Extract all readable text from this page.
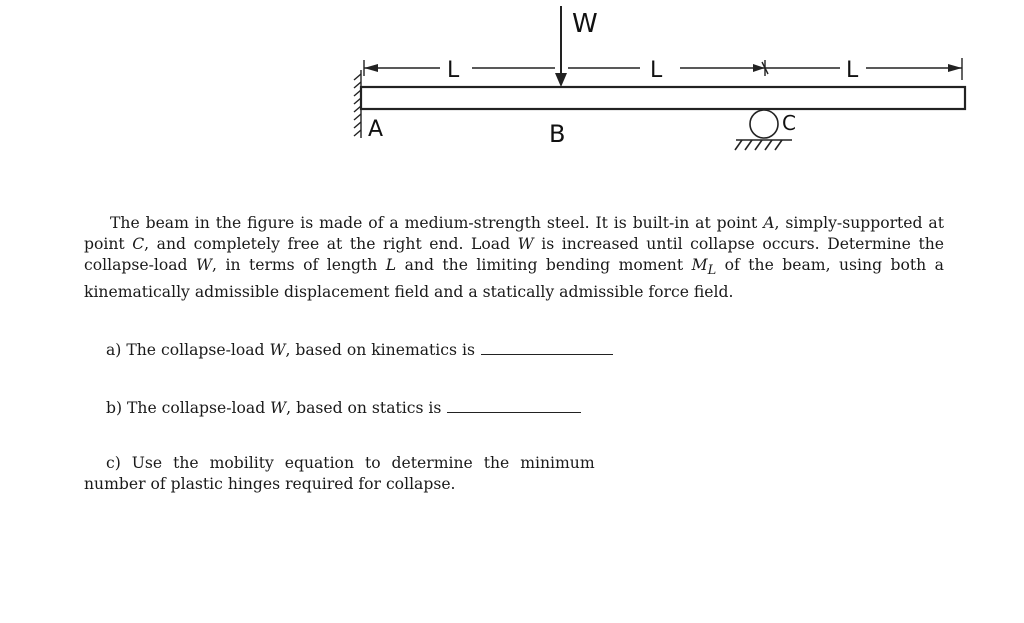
W
L	L	L
A	B	C
The beam in the figure is made of a medium-strength steel. It is built-in at point A, simply-supported at point C, and completely free at the right end. Load W is increased until collapse occurs. Determine the collapse-load W, in terms of length L and the limiting bending moment $M_L$ of the beam, using both a kinematically admissible displacement field and a statically admissible force field.
a) The collapse-load W, based on kinematics is
b) The collapse-load W, based on statics is
c) Use the mobility equation to determine the minimum
number of plastic hinges required for collapse.
